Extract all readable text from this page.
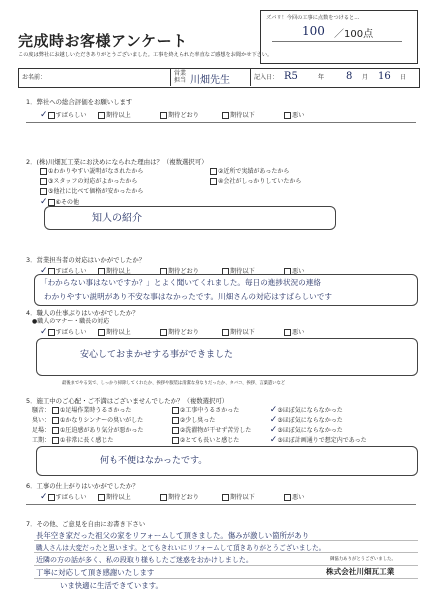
完成時お客様アンケート
この度は弊社にお越しいただきありがとうございました。工事を終えられた率直なご感想をお聞かせ下さい。
ズバリ！今回の工事に点数をつけると…
100 ／100点
お名前：
営業
担当 川畑先生	記入日： R5	年 8 月 16 日
1．弊社への総合評価をお願いします
✓ すばらしい	期待以上	期待どおり	期待以下	悪い
2．(株)川畑瓦工業にお決めになられた理由は？（複数選択可）
①わかりやすい説明がなされたから	②近所で実績があったから
③スタッフの対応がよかったから	④会社がしっかりしていたから
⑤他社に比べて価格が安かったから
✓ ⑥その他
知人の紹介
3．営業担当者の対応はいかがでしたか？
✓ すばらしい	期待以上	期待どおり	期待以下	悪い
「わからない事はないですか？」とよく聞いてくれました。毎日の進捗状況の連絡
わかりやすい説明があり不安な事はなかったです。川畑さんの対応はすばらしいです
4．職人の仕事ぶりはいかがでしたか？
●職人のマナー・職長の対応
✓ すばらしい	期待以上	期待どおり	期待以下	悪い
安心しておまかせする事ができました
最後までやる気で、しっかり掃除してくれたか、挨拶や服装は清潔な身なりだったか、タバコ、挨拶、言葉遣いなど
5．施工中のご心配・ご不満はございませんでしたか？（複数選択可）
騒音： ①足場作業時うるさかった	②工事中うるさかった	✓③ほぼ気にならなかった
臭い： ①かなりシンナーの臭いがした	②少し臭った	✓③ほぼ気にならなかった
足場： ①圧迫感があり気分が悪かった	②洗濯物が干せず苦労した ✓③ほぼ気にならなかった
工期： ①非常に長く感じた	②とても長いと感じた	✓③ほぼ計画通りで想定内であった
何も不便はなかったです。
6．工事の仕上がりはいかがでしたか？
✓ すばらしい	期待以上	期待どおり	期待以下	悪い
7．その他、ご意見を自由にお書き下さい
長年空き家だった祖父の家をリフォームして頂きました。傷みが激しい箇所があり
職人さんは大変だったと思います。とてもきれいにリフォームして頂きありがとうございました。
近隣の方の話が多く、私の段取り様もしたご迷惑をおかけしました。	御協力ありがとうございました。
丁寧に対応して頂き感謝いたします	株式会社川畑瓦工業
いま快適に生活できています。
